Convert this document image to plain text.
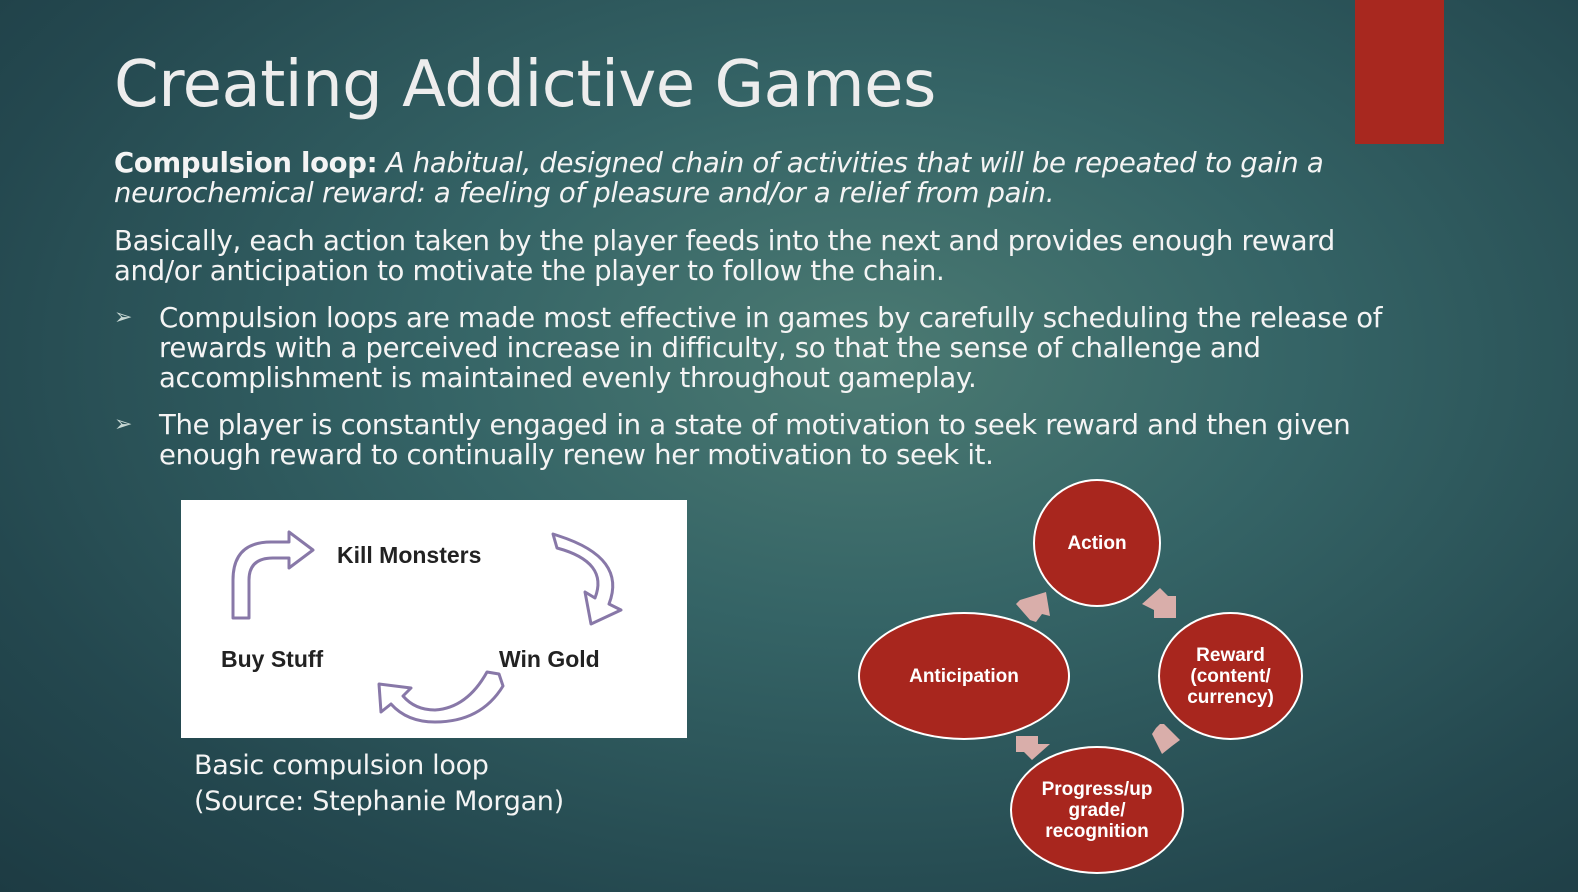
Creating Addictive Games

Compulsion loop: A habitual, designed chain of activities that will be repeated to gain a neurochemical reward: a feeling of pleasure and/or a relief from pain.

Basically, each action taken by the player feeds into the next and provides enough reward and/or anticipation to motivate the player to follow the chain.

➢ Compulsion loops are made most effective in games by carefully scheduling the release of rewards with a perceived increase in difficulty, so that the sense of challenge and accomplishment is maintained evenly throughout gameplay.
➢ The player is constantly engaged in a state of motivation to seek reward and then given enough reward to continually renew her motivation to seek it.
Kill Monsters
Win Gold
Buy Stuff

Basic compulsion loop
(Source: Stephanie Morgan)

Action
Reward (content/ currency)
Progress/up grade/ recognition
Anticipation
